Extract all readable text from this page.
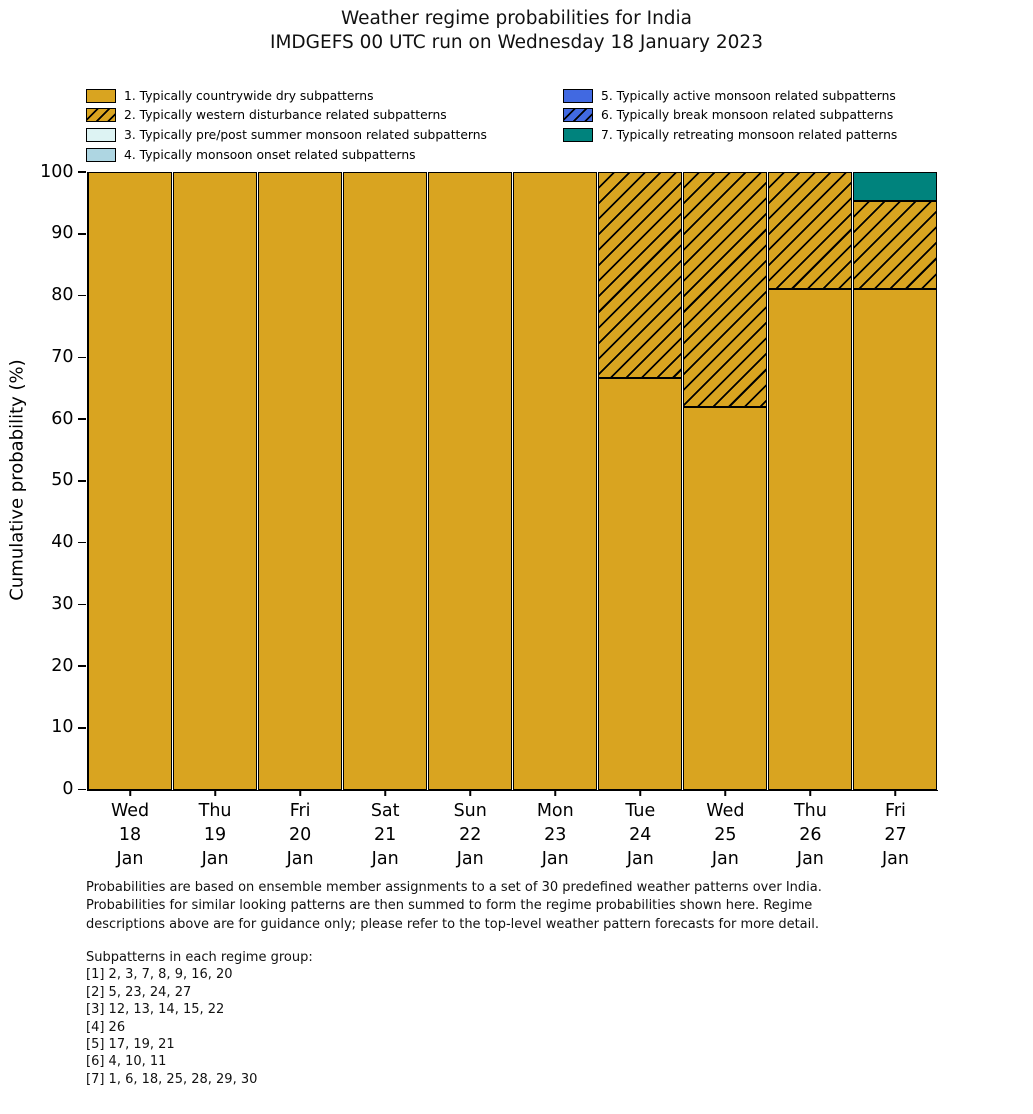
Weather regime probabilities for India
IMDGEFS 00 UTC run on Wednesday 18 January 2023
1. Typically countrywide dry subpatterns
2. Typically western disturbance related subpatterns
3. Typically pre/post summer monsoon related subpatterns
4. Typically monsoon onset related subpatterns
5. Typically active monsoon related subpatterns
6. Typically break monsoon related subpatterns
7. Typically retreating monsoon related patterns
Cumulative probability (%)
0
10
20
30
40
50
60
70
80
90
100
Wed
18
Jan
Thu
19
Jan
Fri
20
Jan
Sat
21
Jan
Sun
22
Jan
Mon
23
Jan
Tue
24
Jan
Wed
25
Jan
Thu
26
Jan
Fri
27
Jan
Probabilities are based on ensemble member assignments to a set of 30 predefined weather patterns over India.
Probabilities for similar looking patterns are then summed to form the regime probabilities shown here. Regime
descriptions above are for guidance only; please refer to the top-level weather pattern forecasts for more detail.
Subpatterns in each regime group:
[1] 2, 3, 7, 8, 9, 16, 20
[2] 5, 23, 24, 27
[3] 12, 13, 14, 15, 22
[4] 26
[5] 17, 19, 21
[6] 4, 10, 11
[7] 1, 6, 18, 25, 28, 29, 30
